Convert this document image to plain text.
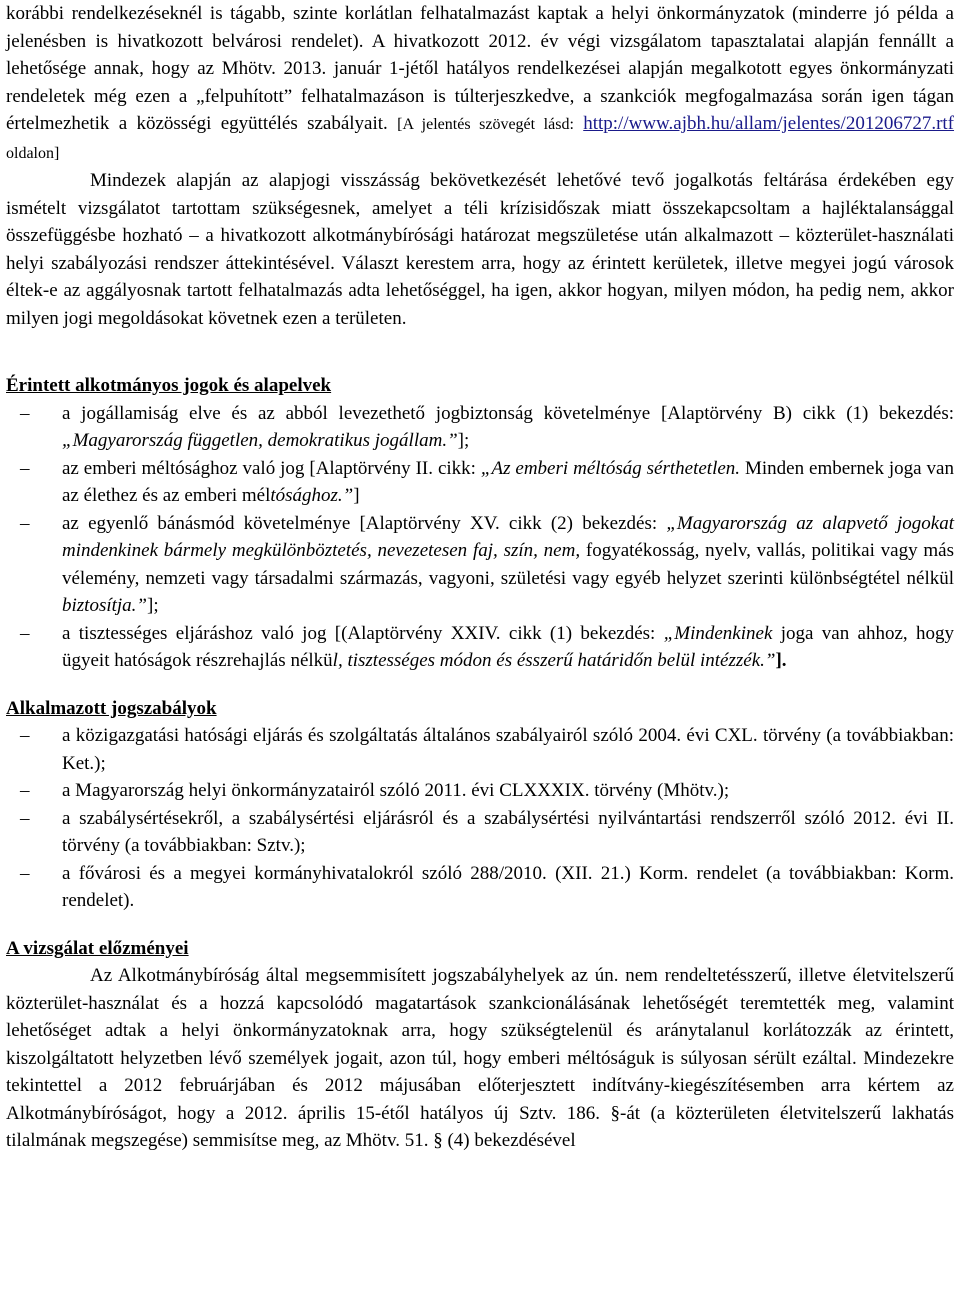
korábbi rendelkezéseknél is tágabb, szinte korlátlan felhatalmazást kaptak a helyi önkormányzatok (minderre jó példa a jelenésben is hivatkozott belvárosi rendelet). A hivatkozott 2012. év végi vizsgálatom tapasztalatai alapján fennállt a lehetősége annak, hogy az Mhötv. 2013. január 1-jétől hatályos rendelkezései alapján megalkotott egyes önkormányzati rendeletek még ezen a „felpuhított” felhatalmazáson is túlterjeszkedve, a szankciók megfogalmazása során igen tágan értelmezhetik a közösségi együttélés szabályait. [A jelentés szövegét lásd: http://www.ajbh.hu/allam/jelentes/201206727.rtf oldalon]

Mindezek alapján az alapjogi visszásság bekövetkezését lehetővé tevő jogalkotás feltárása érdekében egy ismételt vizsgálatot tartottam szükségesnek, amelyet a téli krízisidőszak miatt összekapcsoltam a hajléktalansággal összefüggésbe hozható – a hivatkozott alkotmánybírósági határozat megszületése után alkalmazott – közterület-használati helyi szabályozási rendszer áttekintésével. Választ kerestem arra, hogy az érintett kerületek, illetve megyei jogú városok éltek-e az aggályosnak tartott felhatalmazás adta lehetőséggel, ha igen, akkor hogyan, milyen módon, ha pedig nem, akkor milyen jogi megoldásokat követnek ezen a területen.

Érintett alkotmányos jogok és alapelvek
– a jogállamiság elve és az abból levezethető jogbiztonság követelménye [Alaptörvény B) cikk (1) bekezdés: „Magyarország független, demokratikus jogállam.”];
– az emberi méltósághoz való jog [Alaptörvény II. cikk: „Az emberi méltóság sérthetetlen. Minden embernek joga van az élethez és az emberi méltósághoz.”]
– az egyenlő bánásmód követelménye [Alaptörvény XV. cikk (2) bekezdés: „Magyarország az alapvető jogokat mindenkinek bármely megkülönböztetés, nevezetesen faj, szín, nem, fogyatékosság, nyelv, vallás, politikai vagy más vélemény, nemzeti vagy társadalmi származás, vagyoni, születési vagy egyéb helyzet szerinti különbségtétel nélkül biztosítja.”];
– a tisztességes eljáráshoz való jog [(Alaptörvény XXIV. cikk (1) bekezdés: „Mindenkinek joga van ahhoz, hogy ügyeit hatóságok részrehajlás nélkül, tisztességes módon és ésszerű határidőn belül intézzék.”].
Alkalmazott jogszabályok
– a közigazgatási hatósági eljárás és szolgáltatás általános szabályairól szóló 2004. évi CXL. törvény (a továbbiakban: Ket.);
– a Magyarország helyi önkormányzatairól szóló 2011. évi CLXXXIX. törvény (Mhötv.);
– a szabálysértésekről, a szabálysértési eljárásról és a szabálysértési nyilvántartási rendszerről szóló 2012. évi II. törvény (a továbbiakban: Sztv.);
– a fővárosi és a megyei kormányhivatalokról szóló 288/2010. (XII. 21.) Korm. rendelet (a továbbiakban: Korm. rendelet).
A vizsgálat előzményei

Az Alkotmánybíróság által megsemmisített jogszabályhelyek az ún. nem rendeltetésszerű, illetve életvitelszerű közterület-használat és a hozzá kapcsolódó magatartások szankcionálásának lehetőségét teremtették meg, valamint lehetőséget adtak a helyi önkormányzatoknak arra, hogy szükségtelenül és aránytalanul korlátozzák az érintett, kiszolgáltatott helyzetben lévő személyek jogait, azon túl, hogy emberi méltóságuk is súlyosan sérült ezáltal. Mindezekre tekintettel a 2012 februárjában és 2012 májusában előterjesztett indítvány-kiegészítésemben arra kértem az Alkotmánybíróságot, hogy a 2012. április 15-étől hatályos új Sztv. 186. §-át (a közterületen életvitelszerű lakhatás tilalmának megszegése) semmisítse meg, az Mhötv. 51. § (4) bekezdésével
